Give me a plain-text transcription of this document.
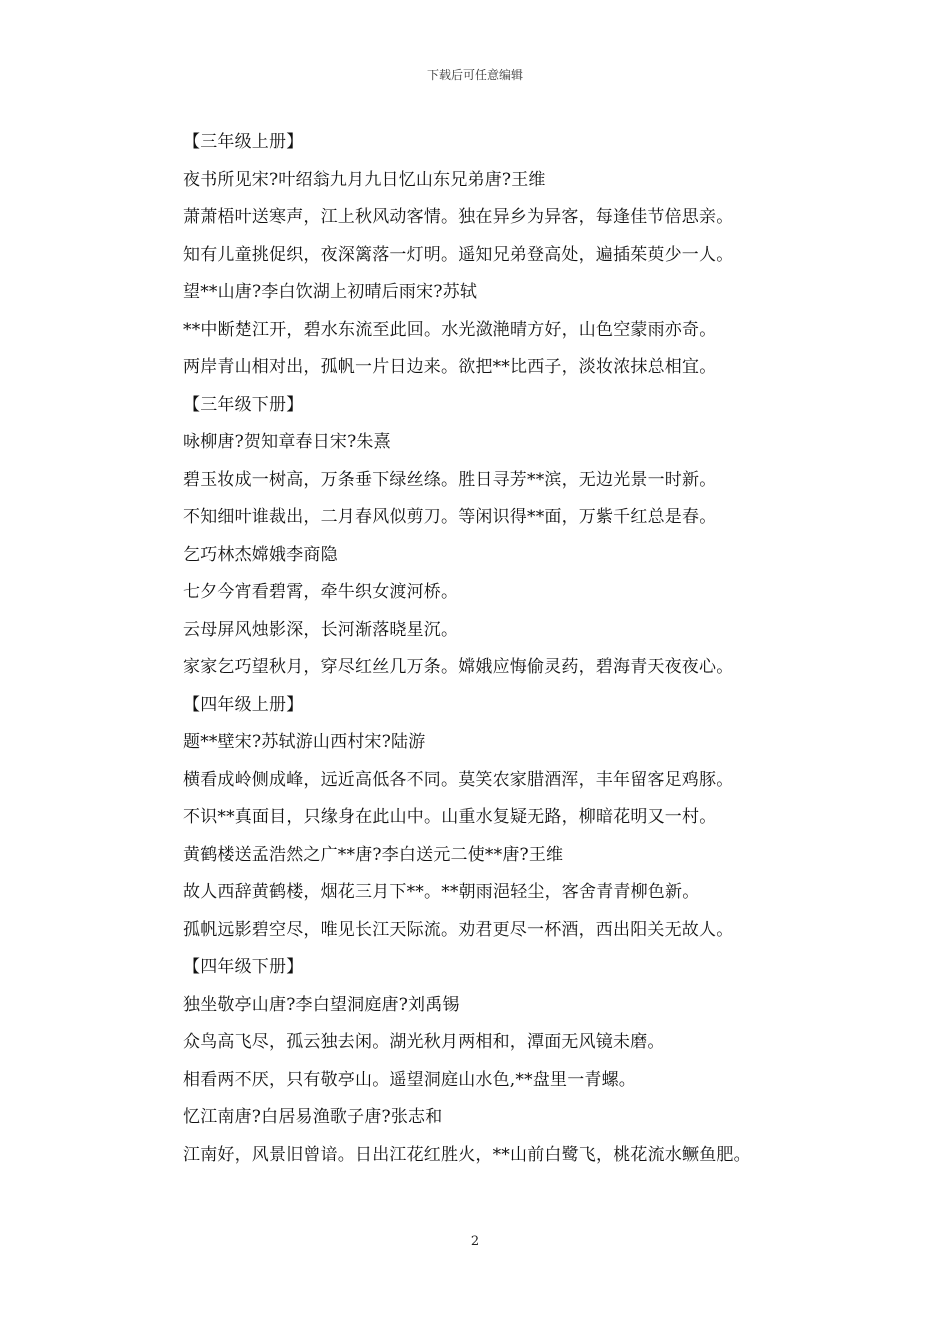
下载后可任意编辑
【三年级上册】
夜书所见宋?叶绍翁九月九日忆山东兄弟唐?王维
萧萧梧叶送寒声，江上秋风动客情。独在异乡为异客，每逢佳节倍思亲。
知有儿童挑促织，夜深篱落一灯明。遥知兄弟登高处，遍插茱萸少一人。
望**山唐?李白饮湖上初晴后雨宋?苏轼
**中断楚江开，碧水东流至此回。水光潋滟晴方好，山色空蒙雨亦奇。
两岸青山相对出，孤帆一片日边来。欲把**比西子，淡妆浓抹总相宜。
【三年级下册】
咏柳唐?贺知章春日宋?朱熹
碧玉妆成一树高，万条垂下绿丝绦。胜日寻芳**滨，无边光景一时新。
不知细叶谁裁出，二月春风似剪刀。等闲识得**面，万紫千红总是春。
乞巧林杰嫦娥李商隐
七夕今宵看碧霄，牵牛织女渡河桥。
云母屏风烛影深，长河渐落晓星沉。
家家乞巧望秋月，穿尽红丝几万条。嫦娥应悔偷灵药，碧海青天夜夜心。
【四年级上册】
题**壁宋?苏轼游山西村宋?陆游
横看成岭侧成峰，远近高低各不同。莫笑农家腊酒浑，丰年留客足鸡豚。
不识**真面目，只缘身在此山中。山重水复疑无路，柳暗花明又一村。
黄鹤楼送孟浩然之广**唐?李白送元二使**唐?王维
故人西辞黄鹤楼，烟花三月下**。**朝雨浥轻尘，客舍青青柳色新。
孤帆远影碧空尽，唯见长江天际流。劝君更尽一杯酒，西出阳关无故人。
【四年级下册】
独坐敬亭山唐?李白望洞庭唐?刘禹锡
众鸟高飞尽，孤云独去闲。湖光秋月两相和，潭面无风镜未磨。
相看两不厌，只有敬亭山。遥望洞庭山水色,**盘里一青螺。
忆江南唐?白居易渔歌子唐?张志和
江南好，风景旧曾谙。日出江花红胜火，**山前白鹭飞，桃花流水鳜鱼肥。
2
